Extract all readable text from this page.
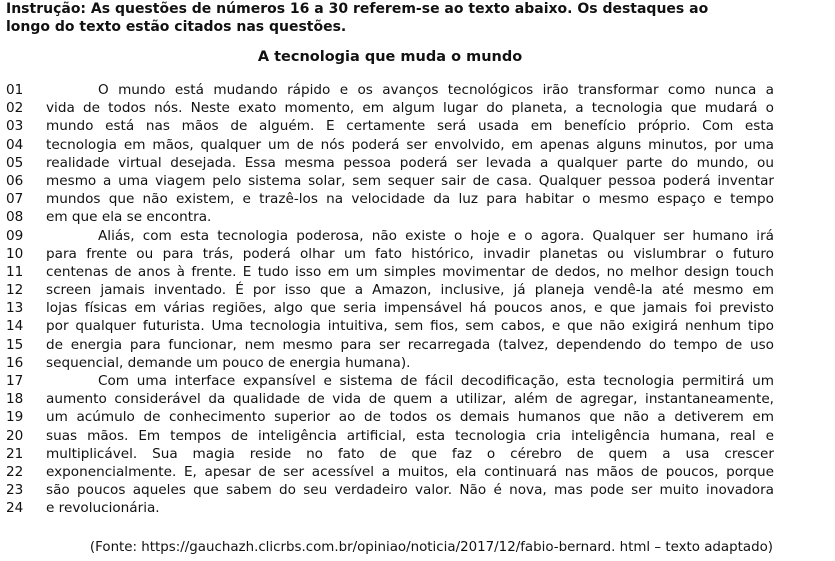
Instrução: As questões de números 16 a 30 referem-se ao texto abaixo. Os destaques ao
longo do texto estão citados nas questões.
A tecnologia que muda o mundo
01	O mundo está mudando rápido e os avanços tecnológicos irão transformar como nunca a
02	vida de todos nós. Neste exato momento, em algum lugar do planeta, a tecnologia que mudará o
03	mundo está nas mãos de alguém. E certamente será usada em benefício próprio. Com esta
04	tecnologia em mãos, qualquer um de nós poderá ser envolvido, em apenas alguns minutos, por uma
05	realidade virtual desejada. Essa mesma pessoa poderá ser levada a qualquer parte do mundo, ou
06	mesmo a uma viagem pelo sistema solar, sem sequer sair de casa. Qualquer pessoa poderá inventar
07	mundos que não existem, e trazê-los na velocidade da luz para habitar o mesmo espaço e tempo
08	em que ela se encontra.
09	Aliás, com esta tecnologia poderosa, não existe o hoje e o agora. Qualquer ser humano irá
10	para frente ou para trás, poderá olhar um fato histórico, invadir planetas ou vislumbrar o futuro
11	centenas de anos à frente. E tudo isso em um simples movimentar de dedos, no melhor design touch
12	screen jamais inventado. É por isso que a Amazon, inclusive, já planeja vendê-la até mesmo em
13	lojas físicas em várias regiões, algo que seria impensável há poucos anos, e que jamais foi previsto
14	por qualquer futurista. Uma tecnologia intuitiva, sem fios, sem cabos, e que não exigirá nenhum tipo
15	de energia para funcionar, nem mesmo para ser recarregada (talvez, dependendo do tempo de uso
16	sequencial, demande um pouco de energia humana).
17	Com uma interface expansível e sistema de fácil decodificação, esta tecnologia permitirá um
18	aumento considerável da qualidade de vida de quem a utilizar, além de agregar, instantaneamente,
19	um acúmulo de conhecimento superior ao de todos os demais humanos que não a detiverem em
20	suas mãos. Em tempos de inteligência artificial, esta tecnologia cria inteligência humana, real e
21	multiplicável. Sua magia reside no fato de que faz o cérebro de quem a usa crescer
22	exponencialmente. E, apesar de ser acessível a muitos, ela continuará nas mãos de poucos, porque
23	são poucos aqueles que sabem do seu verdadeiro valor. Não é nova, mas pode ser muito inovadora
24	e revolucionária.
(Fonte: https://gauchazh.clicrbs.com.br/opiniao/noticia/2017/12/fabio-bernard. html – texto adaptado)
